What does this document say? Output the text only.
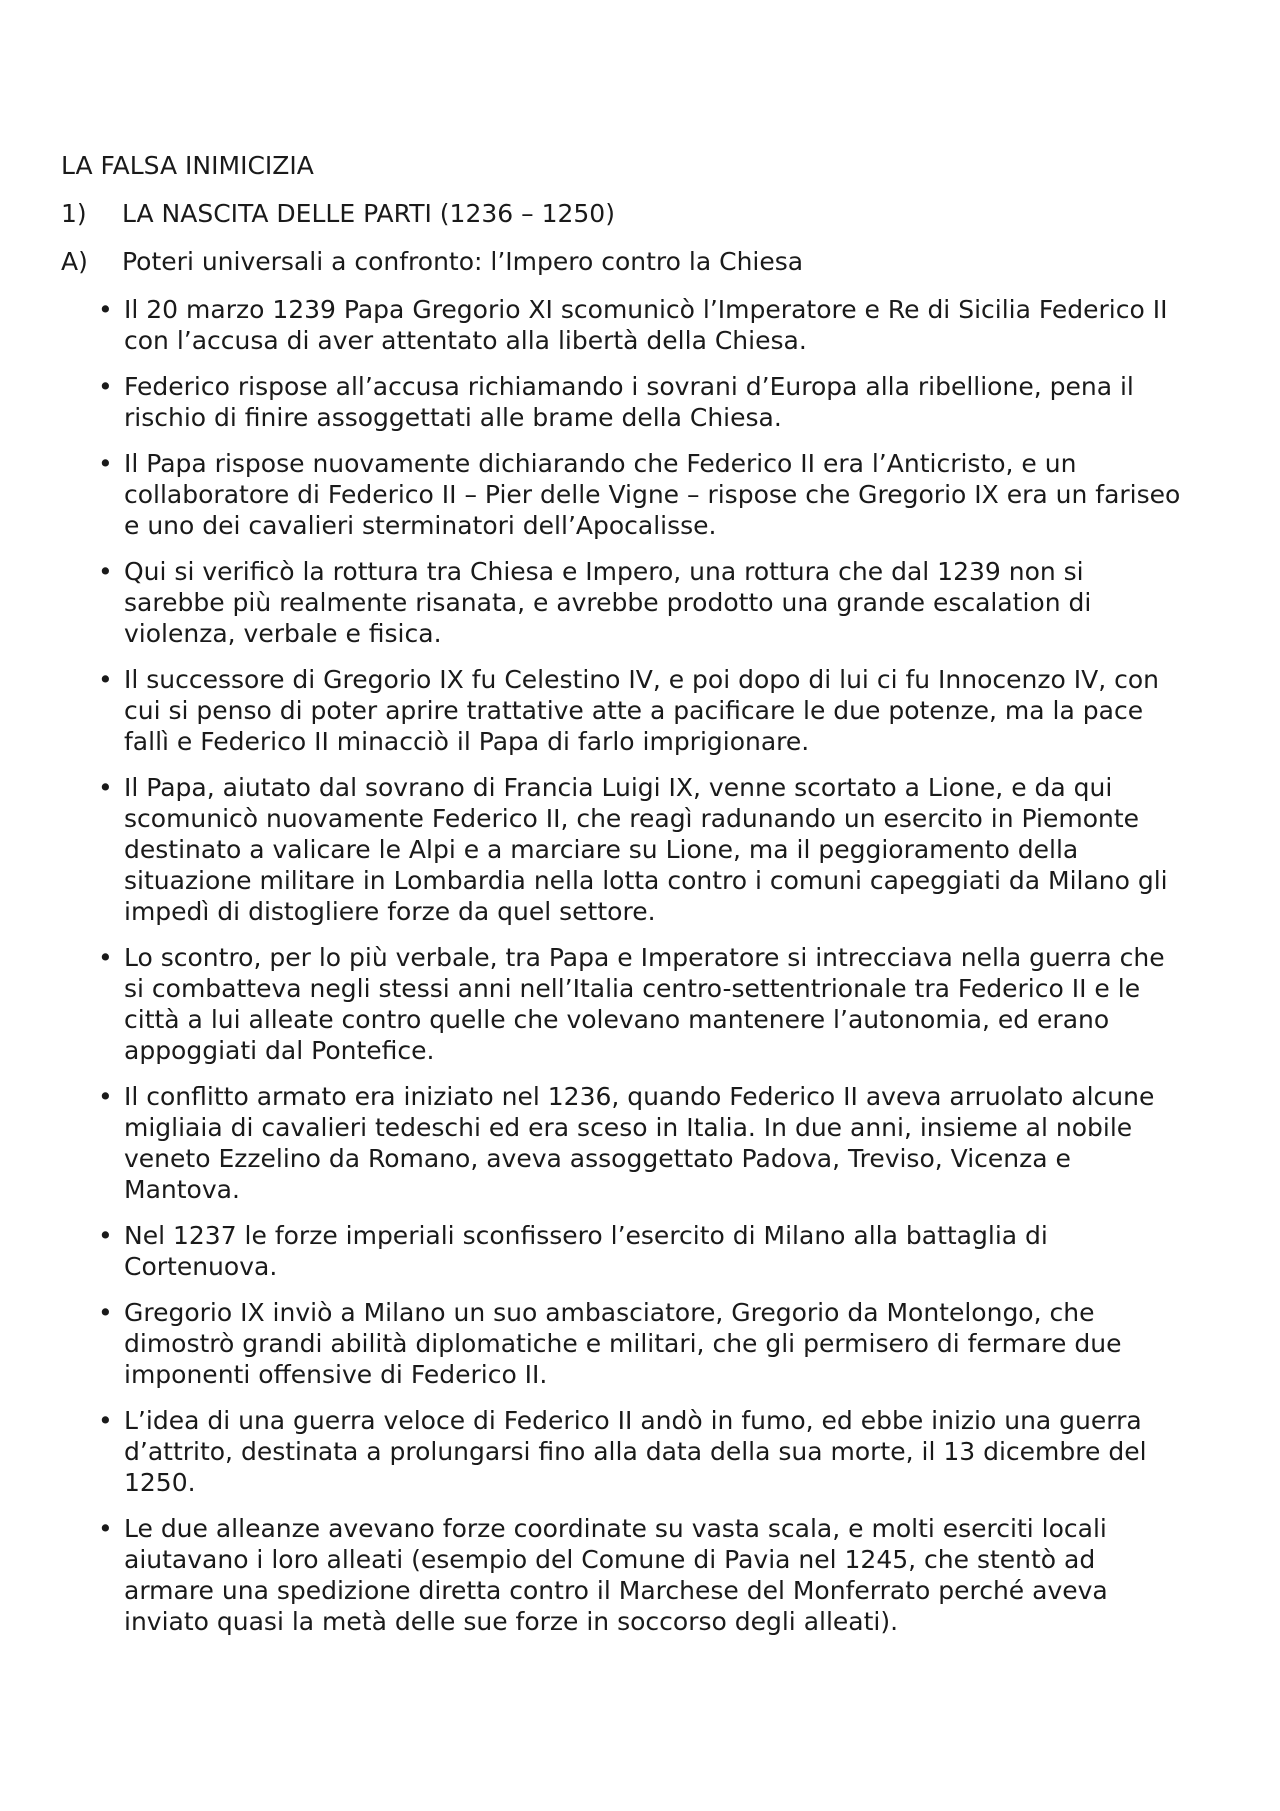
LA FALSA INIMICIZIA
1)	LA NASCITA DELLE PARTI (1236 – 1250)
A)	Poteri universali a confronto: l’Impero contro la Chiesa
• Il 20 marzo 1239 Papa Gregorio XI scomunicò l’Imperatore e Re di Sicilia Federico II con l’accusa di aver attentato alla libertà della Chiesa.
• Federico rispose all’accusa richiamando i sovrani d’Europa alla ribellione, pena il rischio di finire assoggettati alle brame della Chiesa.
• Il Papa rispose nuovamente dichiarando che Federico II era l’Anticristo, e un collaboratore di Federico II – Pier delle Vigne – rispose che Gregorio IX era un fariseo e uno dei cavalieri sterminatori dell’Apocalisse.
• Qui si verificò la rottura tra Chiesa e Impero, una rottura che dal 1239 non si sarebbe più realmente risanata, e avrebbe prodotto una grande escalation di violenza, verbale e fisica.
• Il successore di Gregorio IX fu Celestino IV, e poi dopo di lui ci fu Innocenzo IV, con cui si penso di poter aprire trattative atte a pacificare le due potenze, ma la pace fallì e Federico II minacciò il Papa di farlo imprigionare.
• Il Papa, aiutato dal sovrano di Francia Luigi IX, venne scortato a Lione, e da qui scomunicò nuovamente Federico II, che reagì radunando un esercito in Piemonte destinato a valicare le Alpi e a marciare su Lione, ma il peggioramento della situazione militare in Lombardia nella lotta contro i comuni capeggiati da Milano gli impedì di distogliere forze da quel settore.
• Lo scontro, per lo più verbale, tra Papa e Imperatore si intrecciava nella guerra che si combatteva negli stessi anni nell’Italia centro-settentrionale tra Federico II e le città a lui alleate contro quelle che volevano mantenere l’autonomia, ed erano appoggiati dal Pontefice.
• Il conflitto armato era iniziato nel 1236, quando Federico II aveva arruolato alcune migliaia di cavalieri tedeschi ed era sceso in Italia. In due anni, insieme al nobile veneto Ezzelino da Romano, aveva assoggettato Padova, Treviso, Vicenza e Mantova.
• Nel 1237 le forze imperiali sconfissero l’esercito di Milano alla battaglia di Cortenuova.
• Gregorio IX inviò a Milano un suo ambasciatore, Gregorio da Montelongo, che dimostrò grandi abilità diplomatiche e militari, che gli permisero di fermare due imponenti offensive di Federico II.
• L’idea di una guerra veloce di Federico II andò in fumo, ed ebbe inizio una guerra d’attrito, destinata a prolungarsi fino alla data della sua morte, il 13 dicembre del 1250.
• Le due alleanze avevano forze coordinate su vasta scala, e molti eserciti locali aiutavano i loro alleati (esempio del Comune di Pavia nel 1245, che stentò ad armare una spedizione diretta contro il Marchese del Monferrato perché aveva inviato quasi la metà delle sue forze in soccorso degli alleati).
